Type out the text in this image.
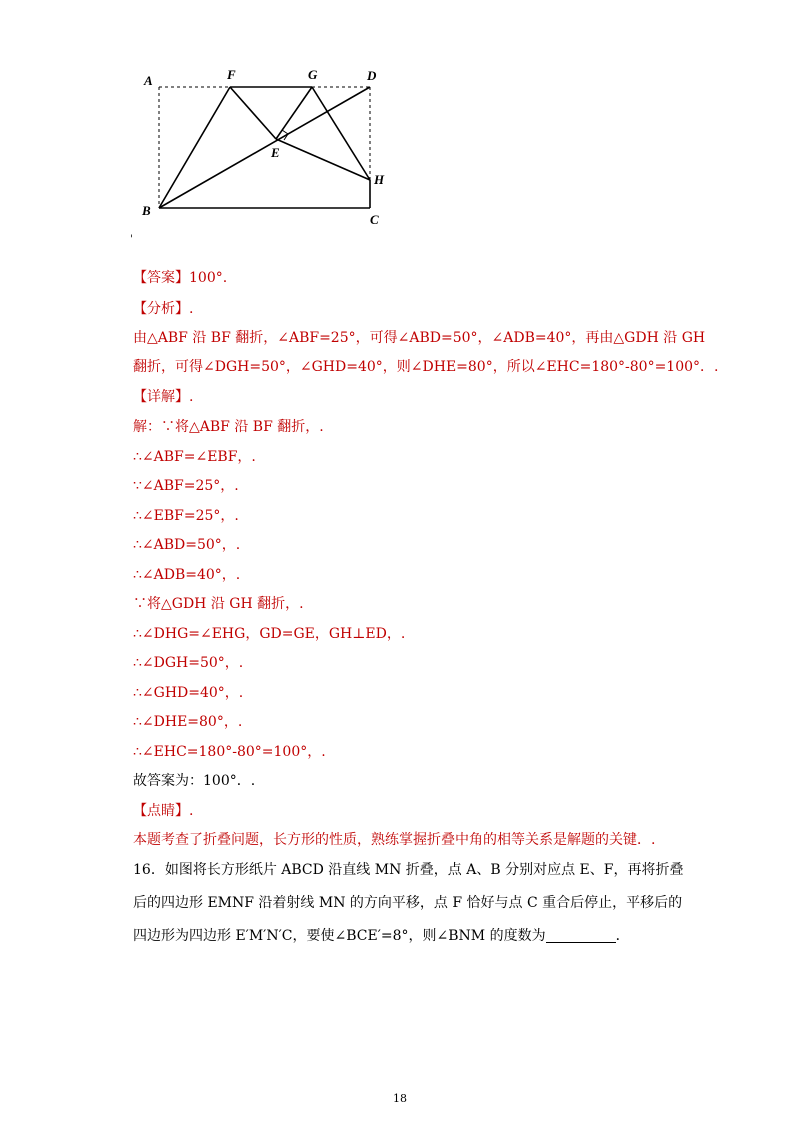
A	F	G	D
E
H
B
C
'
【答案】100°.
【分析】.
由△ABF 沿 BF 翻折，∠ABF=25°，可得∠ABD=50°，∠ADB=40°，再由△GDH 沿 GH
翻折，可得∠DGH=50°，∠GHD=40°，则∠DHE=80°，所以∠EHC=180°-80°=100°．.
【详解】.
解：∵将△ABF 沿 BF 翻折，.
∴∠ABF=∠EBF，.
∵∠ABF=25°，.
∴∠EBF=25°，.
∴∠ABD=50°，.
∴∠ADB=40°，.
∵将△GDH 沿 GH 翻折，.
∴∠DHG=∠EHG，GD=GE，GH⊥ED，.
∴∠DGH=50°，.
∴∠GHD=40°，.
∴∠DHE=80°，.
∴∠EHC=180°-80°=100°，.
故答案为：100°．.
【点睛】.
本题考查了折叠问题，长方形的性质，熟练掌握折叠中角的相等关系是解题的关键．.
16．如图将长方形纸片 ABCD 沿直线 MN 折叠，点 A、B 分别对应点 E、F，再将折叠
后的四边形 EMNF 沿着射线 MN 的方向平移，点 F 恰好与点 C 重合后停止，平移后的
四边形为四边形 E′M′N′C，要使∠BCE′=8°，则∠BNM 的度数为	．
18
